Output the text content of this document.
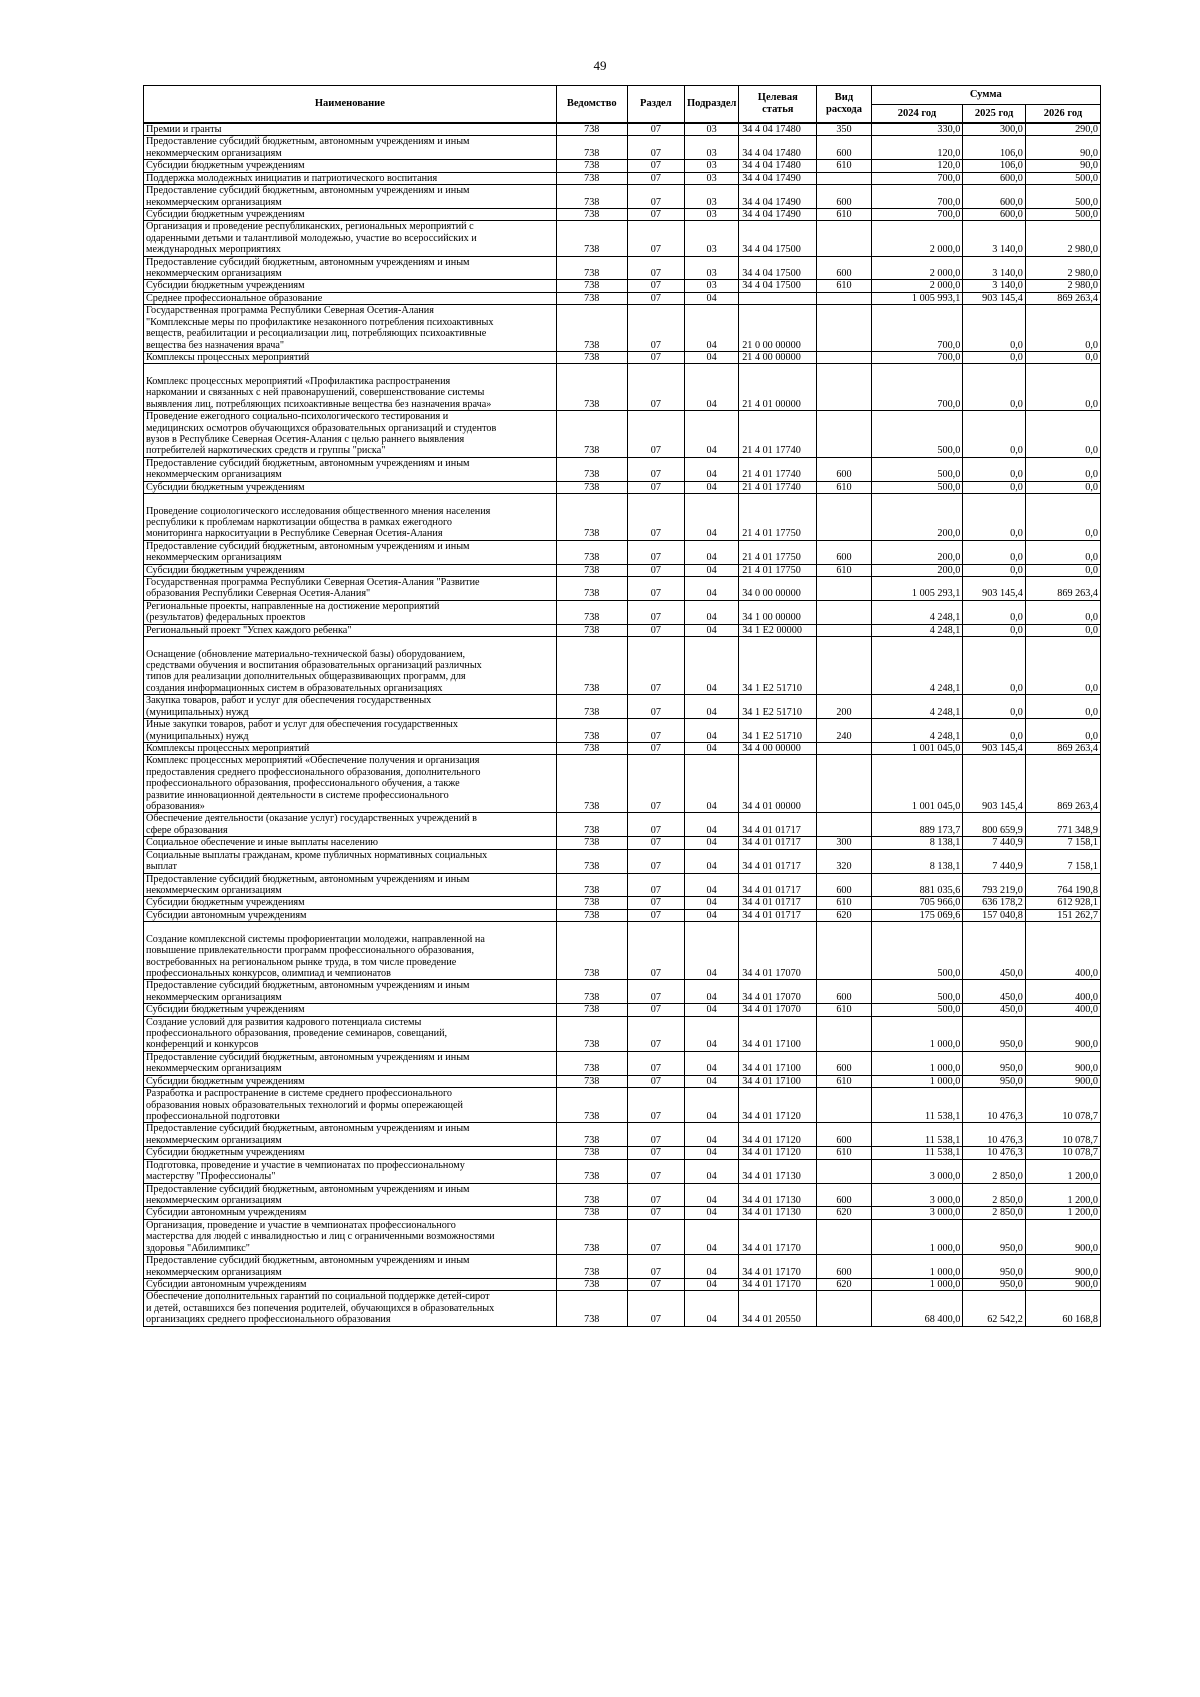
49
Наименование	Ведомство	Раздел	Подраздел	Целевая статья	Вид расхода	Сумма		
						2024 год	2025 год	2026 год
Премии и гранты	738	07	03	34 4 04 17480	350	330,0	300,0	290,0
Предоставление субсидий бюджетным, автономным учреждениям и иным
некоммерческим организациям	738	07	03	34 4 04 17480	600	120,0	106,0	90,0
Субсидии бюджетным учреждениям	738	07	03	34 4 04 17480	610	120,0	106,0	90,0
Поддержка молодежных инициатив и патриотического воспитания	738	07	03	34 4 04 17490		700,0	600,0	500,0
Предоставление субсидий бюджетным, автономным учреждениям и иным
некоммерческим организациям	738	07	03	34 4 04 17490	600	700,0	600,0	500,0
Субсидии бюджетным учреждениям	738	07	03	34 4 04 17490	610	700,0	600,0	500,0
Организация и проведение республиканских, региональных мероприятий с
одаренными детьми и талантливой молодежью, участие во всероссийских и
международных мероприятиях	738	07	03	34 4 04 17500		2 000,0	3 140,0	2 980,0
Предоставление субсидий бюджетным, автономным учреждениям и иным
некоммерческим организациям	738	07	03	34 4 04 17500	600	2 000,0	3 140,0	2 980,0
Субсидии бюджетным учреждениям	738	07	03	34 4 04 17500	610	2 000,0	3 140,0	2 980,0
Среднее профессиональное образование	738	07	04			1 005 993,1	903 145,4	869 263,4
Государственная программа Республики Северная Осетия-Алания
"Комплексные меры по профилактике незаконного потребления психоактивных
веществ, реабилитации и ресоциализации лиц, потребляющих психоактивные
вещества без назначения врача"	738	07	04	21 0 00 00000		700,0	0,0	0,0
Комплексы процессных мероприятий	738	07	04	21 4 00 00000		700,0	0,0	0,0

Комплекс процессных мероприятий «Профилактика распространения
наркомании и связанных с ней правонарушений, совершенствование системы
выявления лиц, потребляющих психоактивные вещества без назначения врача»	738	07	04	21 4 01 00000		700,0	0,0	0,0
Проведение ежегодного социально-психологического тестирования и
медицинских осмотров обучающихся образовательных организаций и студентов
вузов в Республике Северная Осетия-Алания с целью раннего выявления
потребителей наркотических средств и группы "риска"	738	07	04	21 4 01 17740		500,0	0,0	0,0
Предоставление субсидий бюджетным, автономным учреждениям и иным
некоммерческим организациям	738	07	04	21 4 01 17740	600	500,0	0,0	0,0
Субсидии бюджетным учреждениям	738	07	04	21 4 01 17740	610	500,0	0,0	0,0

Проведение социологического исследования общественного мнения населения
республики к проблемам наркотизации общества в рамках ежегодного
мониторинга наркоситуации в Республике Северная Осетия-Алания	738	07	04	21 4 01 17750		200,0	0,0	0,0
Предоставление субсидий бюджетным, автономным учреждениям и иным
некоммерческим организациям	738	07	04	21 4 01 17750	600	200,0	0,0	0,0
Субсидии бюджетным учреждениям	738	07	04	21 4 01 17750	610	200,0	0,0	0,0
Государственная программа Республики Северная Осетия-Алания "Развитие
образования Республики Северная Осетия-Алания"	738	07	04	34 0 00 00000		1 005 293,1	903 145,4	869 263,4
Региональные проекты, направленные на достижение мероприятий
(результатов) федеральных проектов	738	07	04	34 1 00 00000		4 248,1	0,0	0,0
Региональный проект "Успех каждого ребенка"	738	07	04	34 1 E2 00000		4 248,1	0,0	0,0

Оснащение (обновление материально-технической базы) оборудованием,
средствами обучения и воспитания образовательных организаций различных
типов для реализации дополнительных общеразвивающих программ, для
создания информационных систем в образовательных организациях	738	07	04	34 1 E2 51710		4 248,1	0,0	0,0
Закупка товаров, работ и услуг для обеспечения государственных
(муниципальных) нужд	738	07	04	34 1 E2 51710	200	4 248,1	0,0	0,0
Иные закупки товаров, работ и услуг для обеспечения государственных
(муниципальных) нужд	738	07	04	34 1 E2 51710	240	4 248,1	0,0	0,0
Комплексы процессных мероприятий	738	07	04	34 4 00 00000		1 001 045,0	903 145,4	869 263,4
Комплекс процессных мероприятий «Обеспечение получения и организация
предоставления среднего профессионального образования, дополнительного
профессионального образования, профессионального обучения, а также
развитие инновационной деятельности в системе профессионального
образования»	738	07	04	34 4 01 00000		1 001 045,0	903 145,4	869 263,4
Обеспечение деятельности (оказание услуг) государственных учреждений в
сфере образования	738	07	04	34 4 01 01717		889 173,7	800 659,9	771 348,9
Социальное обеспечение и иные выплаты населению	738	07	04	34 4 01 01717	300	8 138,1	7 440,9	7 158,1
Социальные выплаты гражданам, кроме публичных нормативных социальных
выплат	738	07	04	34 4 01 01717	320	8 138,1	7 440,9	7 158,1
Предоставление субсидий бюджетным, автономным учреждениям и иным
некоммерческим организациям	738	07	04	34 4 01 01717	600	881 035,6	793 219,0	764 190,8
Субсидии бюджетным учреждениям	738	07	04	34 4 01 01717	610	705 966,0	636 178,2	612 928,1
Субсидии автономным учреждениям	738	07	04	34 4 01 01717	620	175 069,6	157 040,8	151 262,7

Создание комплексной системы профориентации молодежи, направленной на
повышение привлекательности программ профессионального образования,
востребованных на региональном рынке труда, в том числе проведение
профессиональных конкурсов, олимпиад и чемпионатов	738	07	04	34 4 01 17070		500,0	450,0	400,0
Предоставление субсидий бюджетным, автономным учреждениям и иным
некоммерческим организациям	738	07	04	34 4 01 17070	600	500,0	450,0	400,0
Субсидии бюджетным учреждениям	738	07	04	34 4 01 17070	610	500,0	450,0	400,0
Создание условий для развития кадрового потенциала системы
профессионального образования, проведение семинаров, совещаний,
конференций и конкурсов	738	07	04	34 4 01 17100		1 000,0	950,0	900,0
Предоставление субсидий бюджетным, автономным учреждениям и иным
некоммерческим организациям	738	07	04	34 4 01 17100	600	1 000,0	950,0	900,0
Субсидии бюджетным учреждениям	738	07	04	34 4 01 17100	610	1 000,0	950,0	900,0
Разработка и распространение в системе среднего профессионального
образования новых образовательных технологий и формы опережающей
профессиональной подготовки	738	07	04	34 4 01 17120		11 538,1	10 476,3	10 078,7
Предоставление субсидий бюджетным, автономным учреждениям и иным
некоммерческим организациям	738	07	04	34 4 01 17120	600	11 538,1	10 476,3	10 078,7
Субсидии бюджетным учреждениям	738	07	04	34 4 01 17120	610	11 538,1	10 476,3	10 078,7
Подготовка, проведение и участие в чемпионатах по профессиональному
мастерству "Профессионалы"	738	07	04	34 4 01 17130		3 000,0	2 850,0	1 200,0
Предоставление субсидий бюджетным, автономным учреждениям и иным
некоммерческим организациям	738	07	04	34 4 01 17130	600	3 000,0	2 850,0	1 200,0
Субсидии автономным учреждениям	738	07	04	34 4 01 17130	620	3 000,0	2 850,0	1 200,0
Организация, проведение и участие в чемпионатах профессионального
мастерства для людей с инвалидностью и лиц с ограниченными возможностями
здоровья "Абилимпикс"	738	07	04	34 4 01 17170		1 000,0	950,0	900,0
Предоставление субсидий бюджетным, автономным учреждениям и иным
некоммерческим организациям	738	07	04	34 4 01 17170	600	1 000,0	950,0	900,0
Субсидии автономным учреждениям	738	07	04	34 4 01 17170	620	1 000,0	950,0	900,0
Обеспечение дополнительных гарантий по социальной поддержке детей-сирот
и детей, оставшихся без попечения родителей, обучающихся в образовательных
организациях среднего профессионального образования	738	07	04	34 4 01 20550		68 400,0	62 542,2	60 168,8
